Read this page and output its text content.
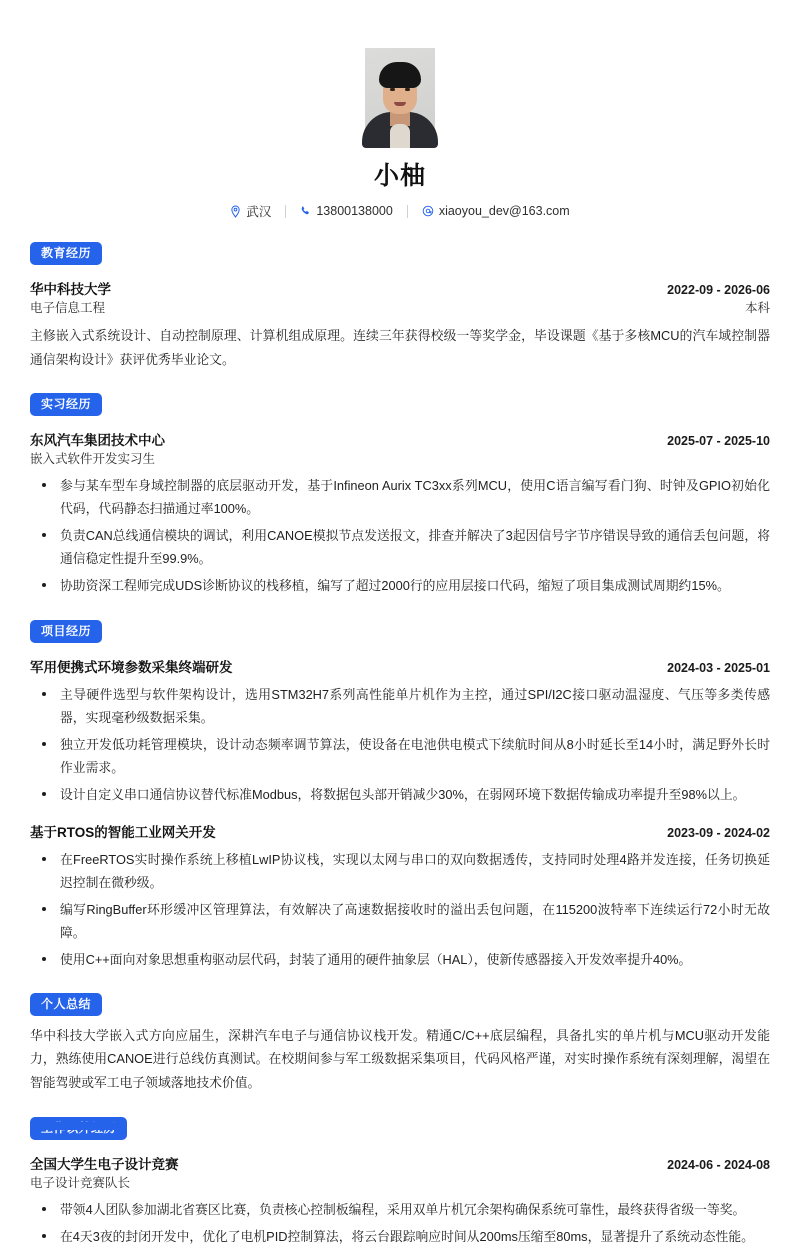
小柚
武汉	13800138000	xiaoyou_dev@163.com
教育经历
华中科技大学	2022-09 - 2026-06
电子信息工程	本科

主修嵌入式系统设计、自动控制原理、计算机组成原理。连续三年获得校级一等奖学金，毕设课题《基于多核MCU的汽车域控制器通信架构设计》获评优秀毕业论文。

实习经历
东风汽车集团技术中心	2025-07 - 2025-10
嵌入式软件开发实习生
参与某车型车身域控制器的底层驱动开发，基于Infineon Aurix TC3xx系列MCU，使用C语言编写看门狗、时钟及GPIO初始化代码，代码静态扫描通过率100%。
负责CAN总线通信模块的调试，利用CANOE模拟节点发送报文，排查并解决了3起因信号字节序错误导致的通信丢包问题，将通信稳定性提升至99.9%。
协助资深工程师完成UDS诊断协议的栈移植，编写了超过2000行的应用层接口代码，缩短了项目集成测试周期约15%。
项目经历
军用便携式环境参数采集终端研发	2024-03 - 2025-01
主导硬件选型与软件架构设计，选用STM32H7系列高性能单片机作为主控，通过SPI/I2C接口驱动温湿度、气压等多类传感器，实现毫秒级数据采集。
独立开发低功耗管理模块，设计动态频率调节算法，使设备在电池供电模式下续航时间从8小时延长至14小时，满足野外长时作业需求。
设计自定义串口通信协议替代标准Modbus，将数据包头部开销减少30%，在弱网环境下数据传输成功率提升至98%以上。
基于RTOS的智能工业网关开发	2023-09 - 2024-02
在FreeRTOS实时操作系统上移植LwIP协议栈，实现以太网与串口的双向数据透传，支持同时处理4路并发连接，任务切换延迟控制在微秒级。
编写RingBuffer环形缓冲区管理算法，有效解决了高速数据接收时的溢出丢包问题，在115200波特率下连续运行72小时无故障。
使用C++面向对象思想重构驱动层代码，封装了通用的硬件抽象层（HAL），使新传感器接入开发效率提升40%。
个人总结

华中科技大学嵌入式方向应届生，深耕汽车电子与通信协议栈开发。精通C/C++底层编程，具备扎实的单片机与MCU驱动开发能力，熟练使用CANOE进行总线仿真测试。在校期间参与军工级数据采集项目，代码风格严谨，对实时操作系统有深刻理解，渴望在智能驾驶或军工电子领域落地技术价值。

全国大学生电子设计竞赛	2024-06 - 2024-08
电子设计竞赛队长
带领4人团队参加湖北省赛区比赛，负责核心控制板编程，采用双单片机冗余架构确保系统可靠性，最终获得省级一等奖。
在4天3夜的封闭开发中，优化了电机PID控制算法，将云台跟踪响应时间从200ms压缩至80ms，显著提升了系统动态性能。
